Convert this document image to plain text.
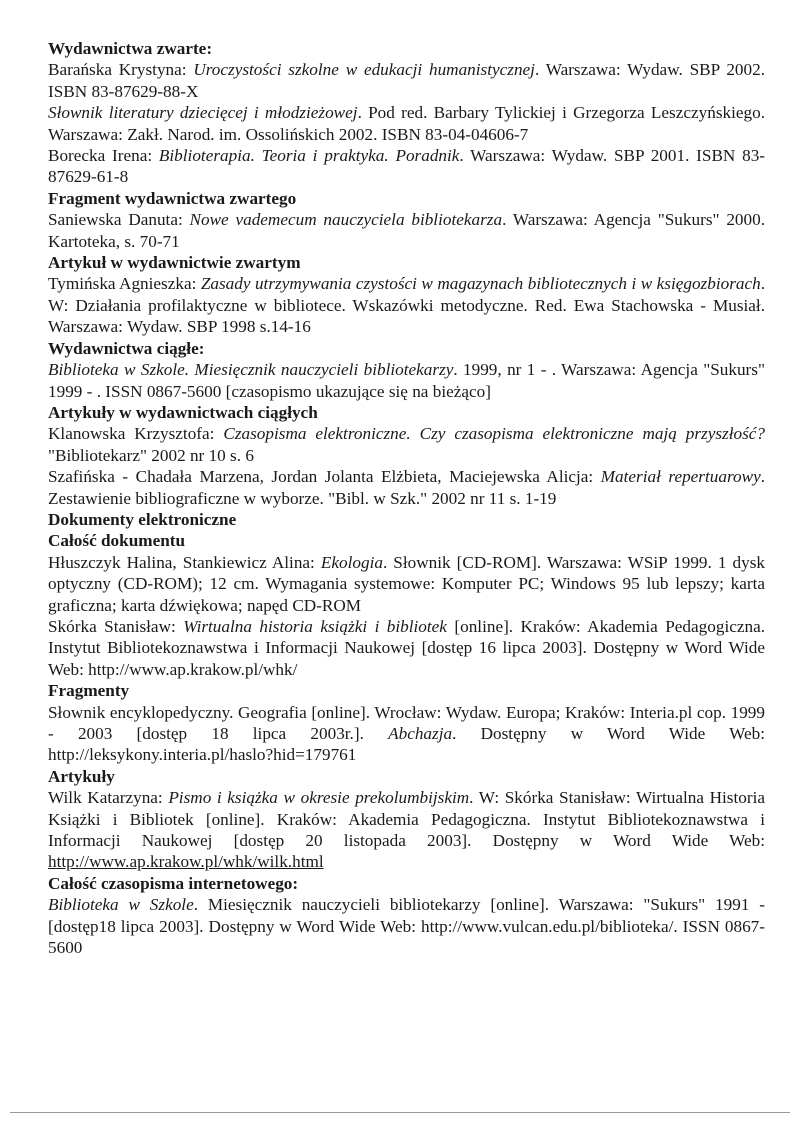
Wydawnictwa zwarte:

Barańska Krystyna: Uroczystości szkolne w edukacji humanistycznej. Warszawa: Wydaw. SBP 2002. ISBN 83-87629-88-X

Słownik literatury dziecięcej i młodzieżowej. Pod red. Barbary Tylickiej i Grzegorza Leszczyńskiego. Warszawa: Zakł. Narod. im. Ossolińskich 2002. ISBN 83-04-04606-7

Borecka Irena: Biblioterapia. Teoria i praktyka. Poradnik. Warszawa: Wydaw. SBP 2001. ISBN 83-87629-61-8

Fragment wydawnictwa zwartego

Saniewska Danuta: Nowe vademecum nauczyciela bibliotekarza. Warszawa: Agencja "Sukurs" 2000. Kartoteka, s. 70-71

Artykuł w wydawnictwie zwartym

Tymińska Agnieszka: Zasady utrzymywania czystości w magazynach bibliotecznych i w księgozbiorach. W: Działania profilaktyczne w bibliotece. Wskazówki metodyczne. Red. Ewa Stachowska - Musiał. Warszawa: Wydaw. SBP 1998 s.14-16

Wydawnictwa ciągłe:

Biblioteka w Szkole. Miesięcznik nauczycieli bibliotekarzy. 1999, nr 1 - . Warszawa: Agencja "Sukurs" 1999 - . ISSN 0867-5600 [czasopismo ukazujące się na bieżąco]

Artykuły w wydawnictwach ciągłych

Klanowska Krzysztofa: Czasopisma elektroniczne. Czy czasopisma elektroniczne mają przyszłość? "Bibliotekarz" 2002 nr 10 s. 6

Szafińska - Chadała Marzena, Jordan Jolanta Elżbieta, Maciejewska Alicja: Materiał repertuarowy. Zestawienie bibliograficzne w wyborze. "Bibl. w Szk." 2002 nr 11 s. 1-19

Dokumenty elektroniczne

Całość dokumentu

Hłuszczyk Halina, Stankiewicz Alina: Ekologia. Słownik [CD-ROM]. Warszawa: WSiP 1999. 1 dysk optyczny (CD-ROM); 12 cm. Wymagania systemowe: Komputer PC; Windows 95 lub lepszy; karta graficzna; karta dźwiękowa; napęd CD-ROM

Skórka Stanisław: Wirtualna historia książki i bibliotek [online]. Kraków: Akademia Pedagogiczna. Instytut Bibliotekoznawstwa i Informacji Naukowej [dostęp 16 lipca 2003]. Dostępny w Word Wide Web: http://www.ap.krakow.pl/whk/

Fragmenty

Słownik encyklopedyczny. Geografia [online]. Wrocław: Wydaw. Europa; Kraków: Interia.pl cop. 1999 - 2003 [dostęp 18 lipca 2003r.]. Abchazja. Dostępny w Word Wide Web: http://leksykony.interia.pl/haslo?hid=179761

Artykuły

Wilk Katarzyna: Pismo i książka w okresie prekolumbijskim. W: Skórka Stanisław: Wirtualna Historia Książki i Bibliotek [online]. Kraków: Akademia Pedagogiczna. Instytut Bibliotekoznawstwa i Informacji Naukowej [dostęp 20 listopada 2003]. Dostępny w Word Wide Web: http://www.ap.krakow.pl/whk/wilk.html

Całość czasopisma internetowego:

Biblioteka w Szkole. Miesięcznik nauczycieli bibliotekarzy [online]. Warszawa: "Sukurs" 1991 - [dostęp18 lipca 2003]. Dostępny w Word Wide Web: http://www.vulcan.edu.pl/biblioteka/. ISSN 0867-5600
